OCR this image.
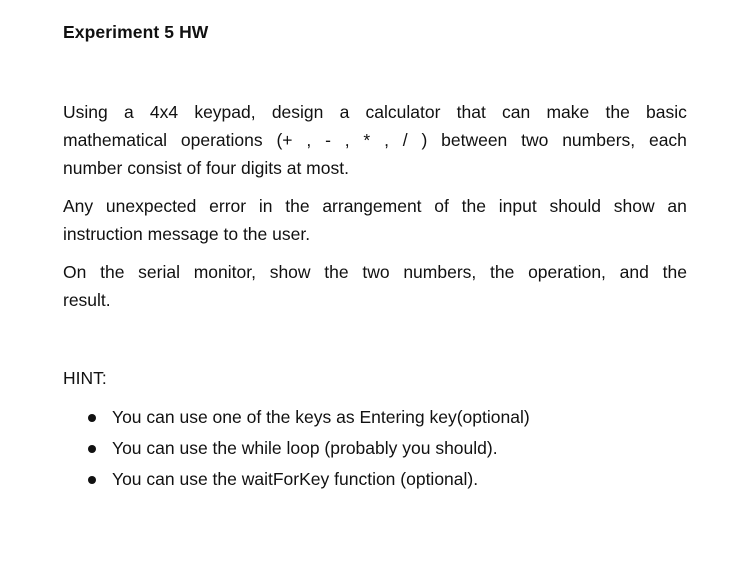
Experiment 5 HW
Using a 4x4 keypad, design a calculator that can make the basic
mathematical operations (+ , - , * , / ) between two numbers, each
number consist of four digits at most.
Any unexpected error in the arrangement of the input should show an
instruction message to the user.
On the serial monitor, show the two numbers, the operation, and the
result.
HINT:
You can use one of the keys as Entering key(optional)
You can use the while loop (probably you should).
You can use the waitForKey function (optional).
